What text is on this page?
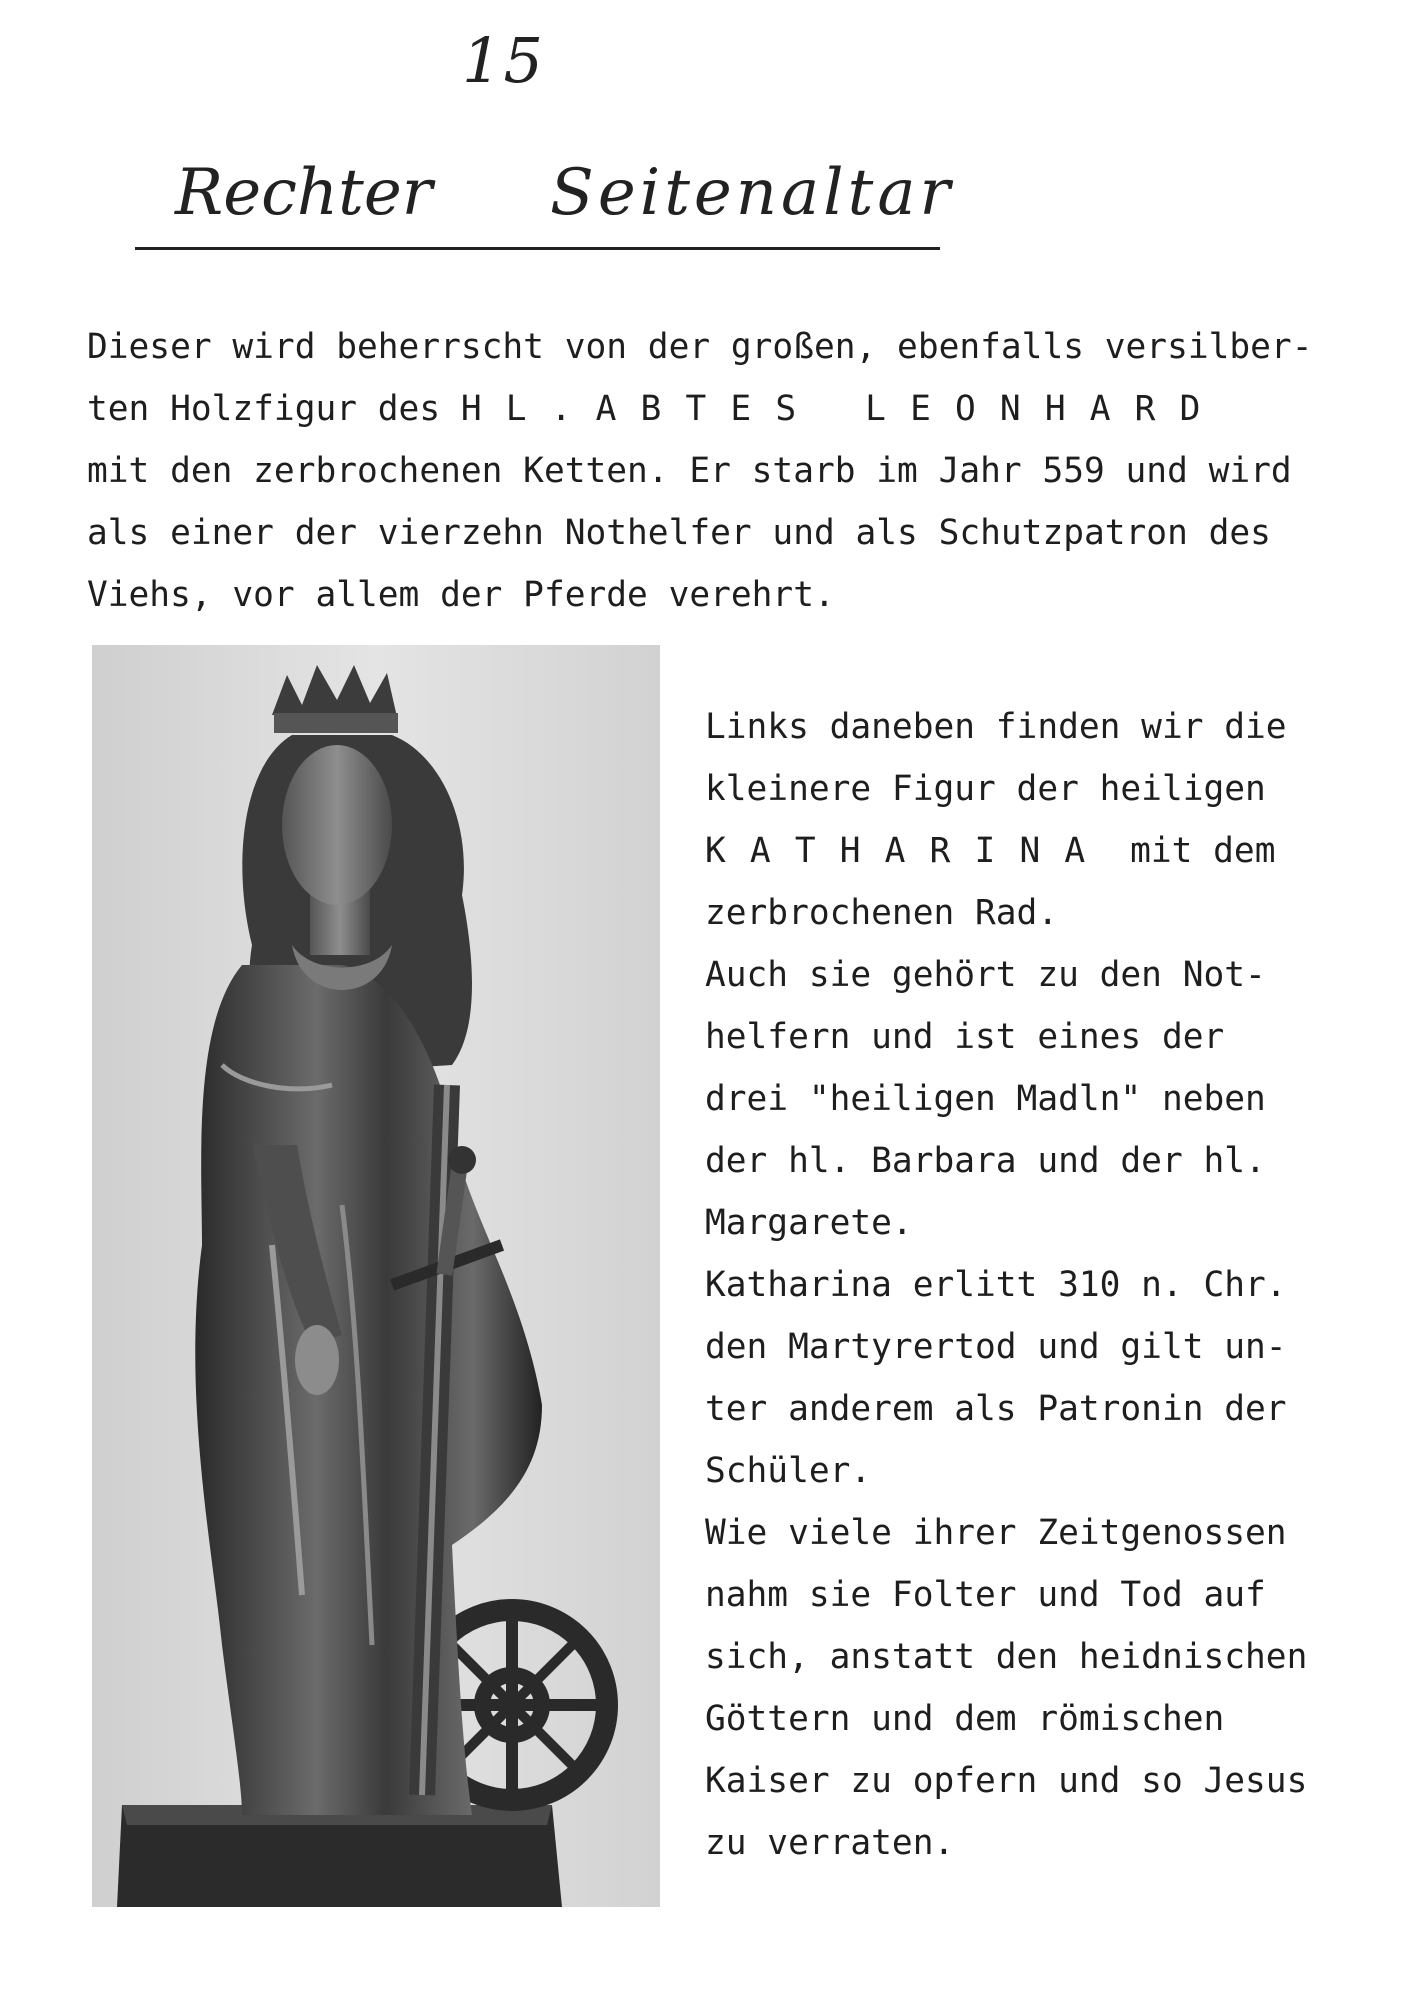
15
Rechter Seitenaltar
Dieser wird beherrscht von der großen, ebenfalls versilber-
ten Holzfigur des HL.ABTES LEONHARD
mit den zerbrochenen Ketten. Er starb im Jahr 559 und wird
als einer der vierzehn Nothelfer und als Schutzpatron des
Viehs, vor allem der Pferde verehrt.
Links daneben finden wir die
kleinere Figur der heiligen
KATHARINA mit dem
zerbrochenen Rad.
Auch sie gehört zu den Not-
helfern und ist eines der
drei "heiligen Madln" neben
der hl. Barbara und der hl.
Margarete.
Katharina erlitt 310 n. Chr.
den Martyrertod und gilt un-
ter anderem als Patronin der
Schüler.
Wie viele ihrer Zeitgenossen
nahm sie Folter und Tod auf
sich, anstatt den heidnischen
Göttern und dem römischen
Kaiser zu opfern und so Jesus
zu verraten.
